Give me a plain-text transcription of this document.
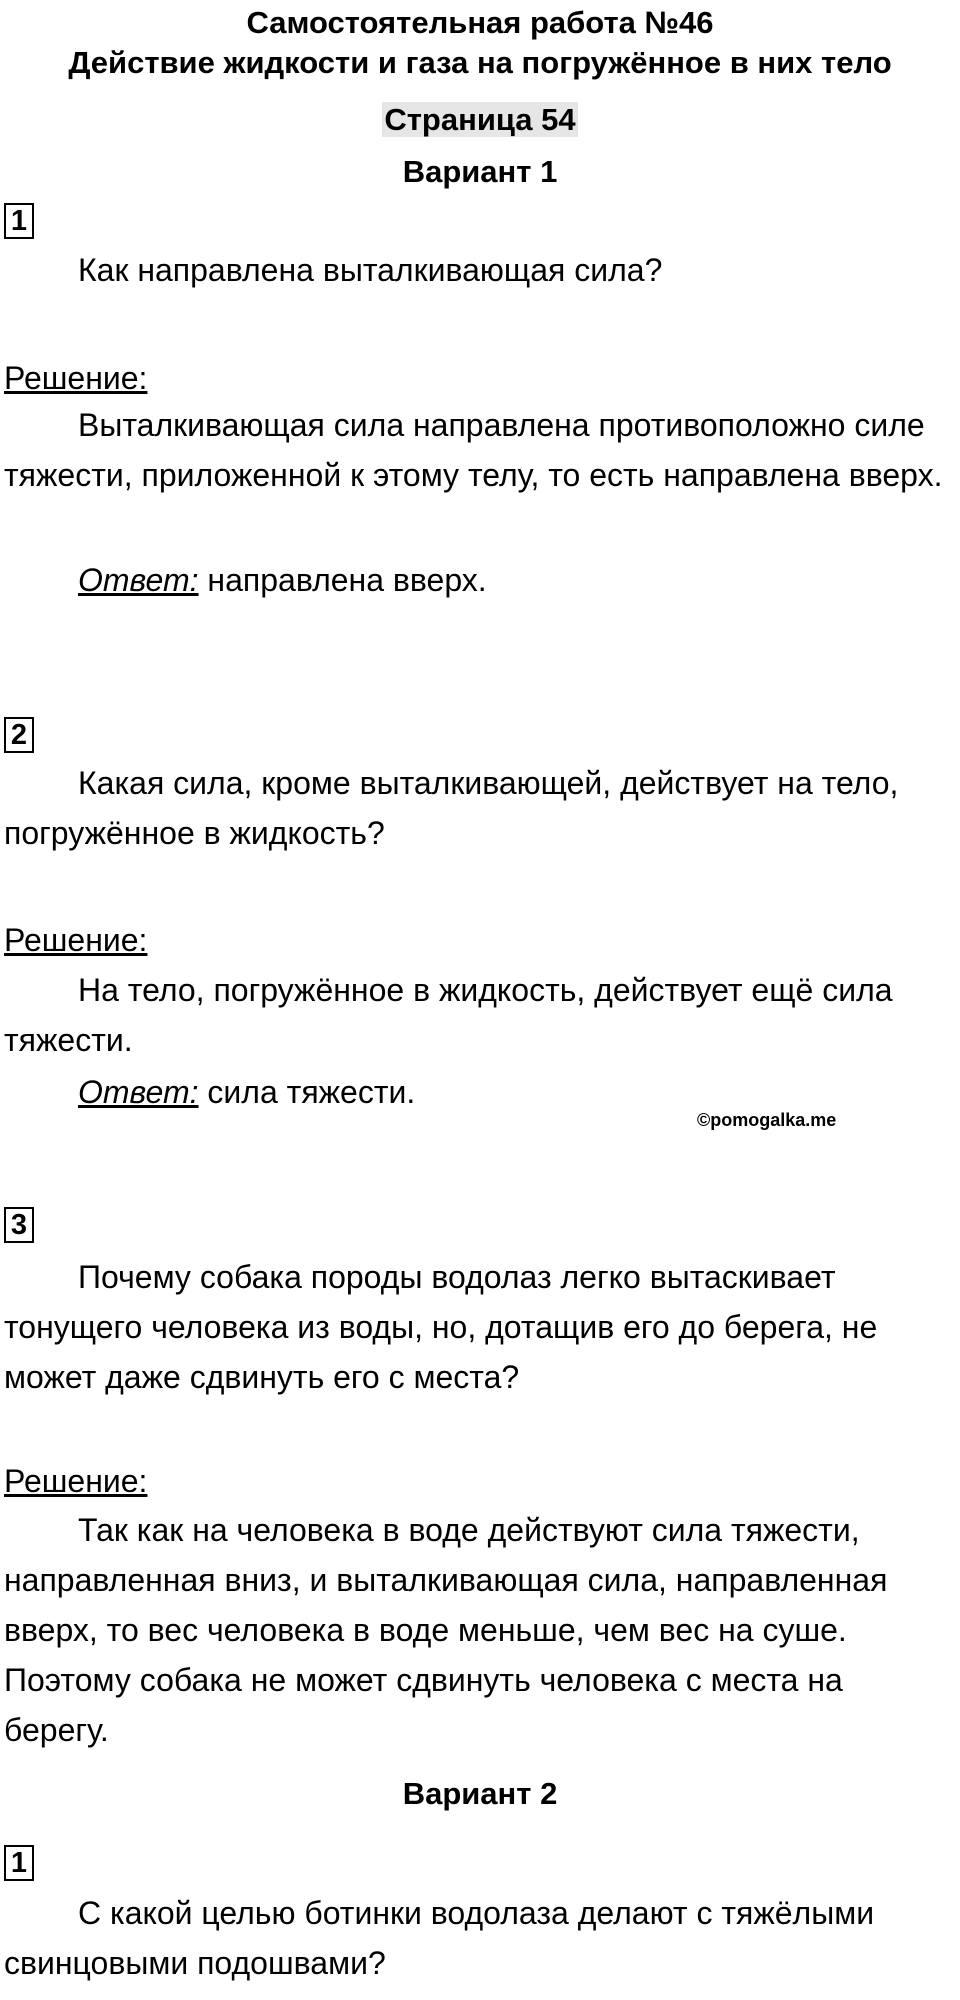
Самостоятельная работа №46
Действие жидкости и газа на погружённое в них тело
Страница 54
Вариант 1
1

Как направлена выталкивающая сила?

Решение:

Выталкивающая сила направлена противоположно силе тяжести, приложенной к этому телу, то есть направлена вверх.

Ответ: направлена вверх.

2

Какая сила, кроме выталкивающей, действует на тело, погружённое в жидкость?

Решение:

На тело, погружённое в жидкость, действует ещё сила тяжести.

Ответ: сила тяжести.

©pomogalka.me
3

Почему собака породы водолаз легко вытаскивает тонущего человека из воды, но, дотащив его до берега, не может даже сдвинуть его с места?

Решение:

Так как на человека в воде действуют сила тяжести, направленная вниз, и выталкивающая сила, направленная вверх, то вес человека в воде меньше, чем вес на суше. Поэтому собака не может сдвинуть человека с места на берегу.

Вариант 2
1

С какой целью ботинки водолаза делают с тяжёлыми свинцовыми подошвами?
